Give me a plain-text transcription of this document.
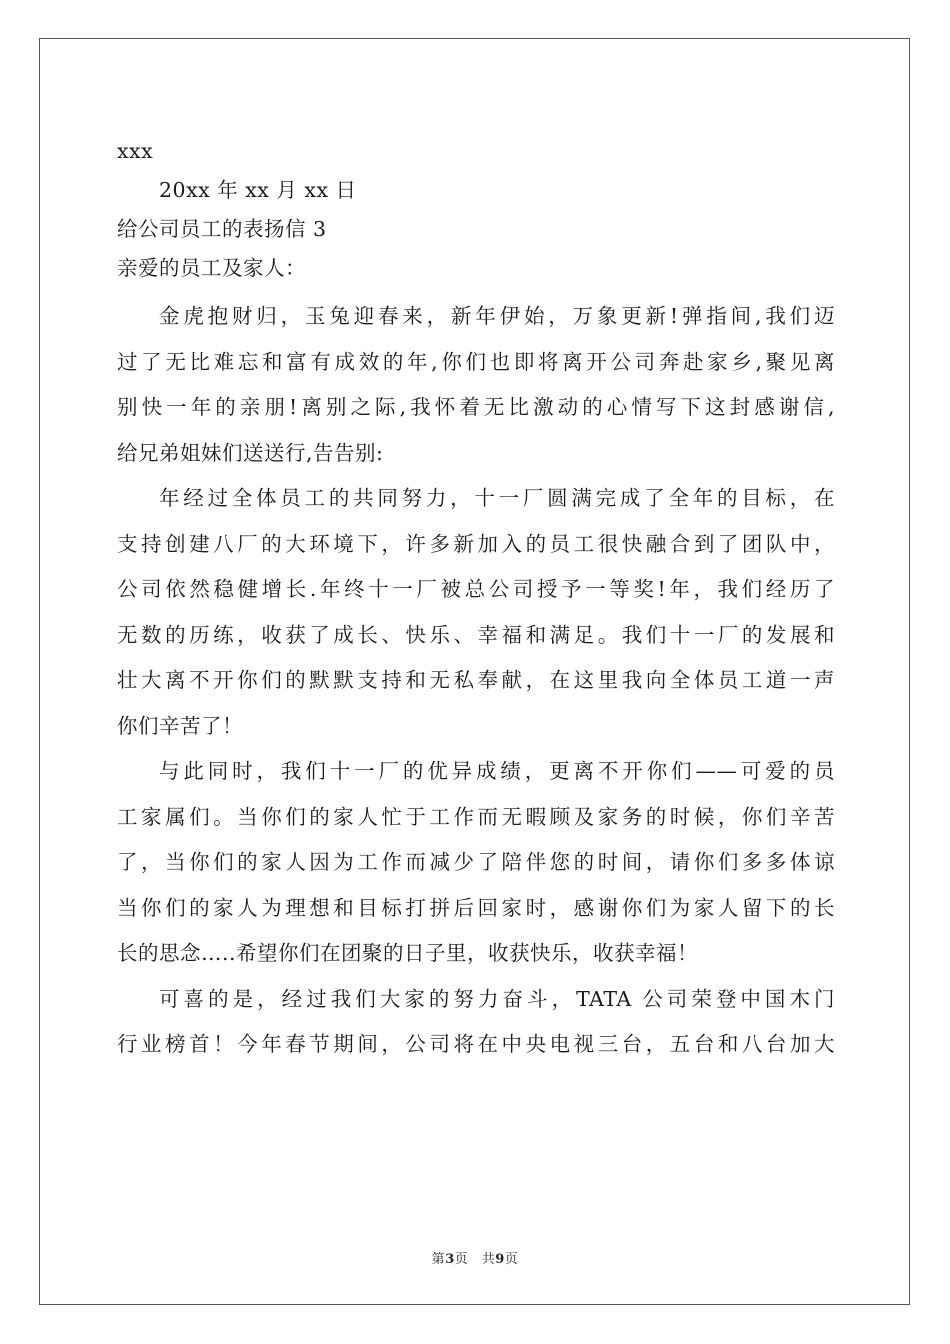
xxx
20xx 年 xx 月 xx 日
给公司员工的表扬信 3
亲爱的员工及家人：
金虎抱财归，玉兔迎春来，新年伊始，万象更新!弹指间,我们迈
过了无比难忘和富有成效的年,你们也即将离开公司奔赴家乡,聚见离
别快一年的亲朋!离别之际,我怀着无比激动的心情写下这封感谢信,
给兄弟姐妹们送送行,告告别:
年经过全体员工的共同努力，十一厂圆满完成了全年的目标，在
支持创建八厂的大环境下，许多新加入的员工很快融合到了团队中，
公司依然稳健增长.年终十一厂被总公司授予一等奖!年，我们经历了
无数的历练，收获了成长、快乐、幸福和满足。我们十一厂的发展和
壮大离不开你们的默默支持和无私奉献，在这里我向全体员工道一声
你们辛苦了！
与此同时，我们十一厂的优异成绩，更离不开你们——可爱的员
工家属们。当你们的家人忙于工作而无暇顾及家务的时候，你们辛苦
了，当你们的家人因为工作而减少了陪伴您的时间，请你们多多体谅
当你们的家人为理想和目标打拼后回家时，感谢你们为家人留下的长
长的思念…..希望你们在团聚的日子里，收获快乐，收获幸福！
可喜的是，经过我们大家的努力奋斗，TATA 公司荣登中国木门
行业榜首！今年春节期间，公司将在中央电视三台，五台和八台加大
第3页　共9页
